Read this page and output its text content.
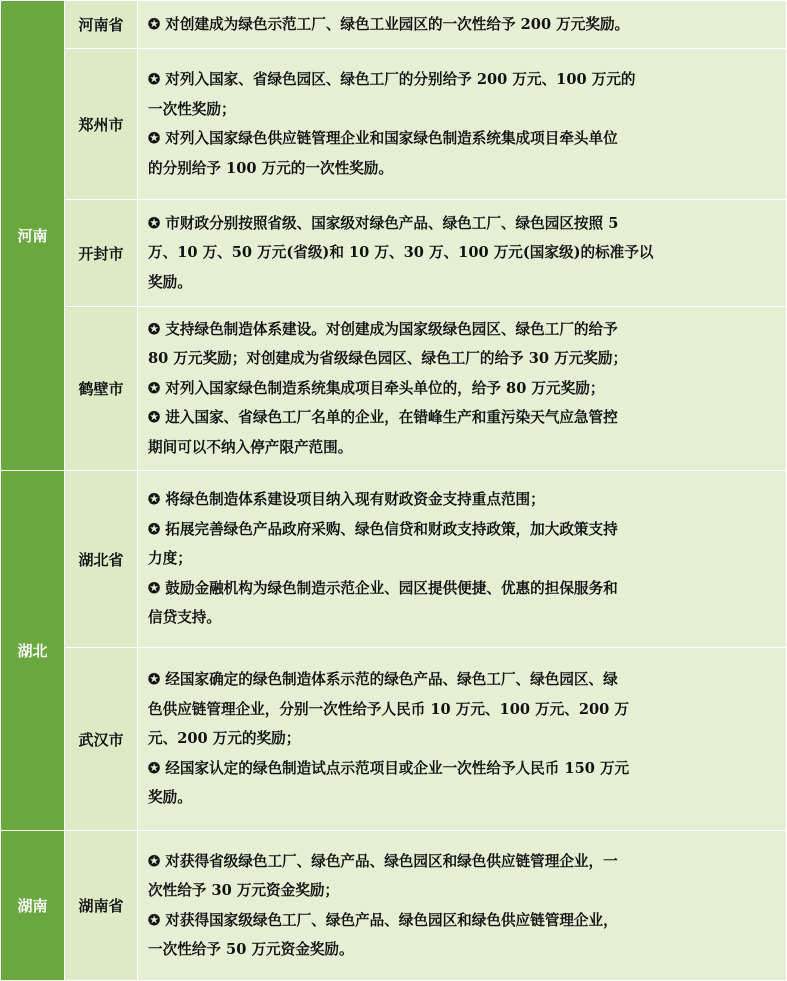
河南	河南省	✪ 对创建成为绿色示范工厂、绿色工业园区的一次性给予 200 万元奖励。

	郑州市	✪ 对列入国家、省绿色园区、绿色工厂的分别给予 200 万元、100 万元的
一次性奖励；
✪ 对列入国家绿色供应链管理企业和国家绿色制造系统集成项目牵头单位
的分别给予 100 万元的一次性奖励。

	开封市	✪ 市财政分别按照省级、国家级对绿色产品、绿色工厂、绿色园区按照 5
万、10 万、50 万元(省级)和 10 万、30 万、100 万元(国家级)的标准予以
奖励。

	鹤壁市	✪ 支持绿色制造体系建设。对创建成为国家级绿色园区、绿色工厂的给予
80 万元奖励；对创建成为省级绿色园区、绿色工厂的给予 30 万元奖励；
✪ 对列入国家绿色制造系统集成项目牵头单位的，给予 80 万元奖励；
✪ 进入国家、省绿色工厂名单的企业，在错峰生产和重污染天气应急管控
期间可以不纳入停产限产范围。

湖北	湖北省	✪ 将绿色制造体系建设项目纳入现有财政资金支持重点范围；
✪ 拓展完善绿色产品政府采购、绿色信贷和财政支持政策，加大政策支持
力度；
✪ 鼓励金融机构为绿色制造示范企业、园区提供便捷、优惠的担保服务和
信贷支持。

	武汉市	✪ 经国家确定的绿色制造体系示范的绿色产品、绿色工厂、绿色园区、绿
色供应链管理企业，分别一次性给予人民币 10 万元、100 万元、200 万
元、200 万元的奖励；
✪ 经国家认定的绿色制造试点示范项目或企业一次性给予人民币 150 万元
奖励。

湖南	湖南省	✪ 对获得省级绿色工厂、绿色产品、绿色园区和绿色供应链管理企业，一
次性给予 30 万元资金奖励；
✪ 对获得国家级绿色工厂、绿色产品、绿色园区和绿色供应链管理企业，
一次性给予 50 万元资金奖励。
